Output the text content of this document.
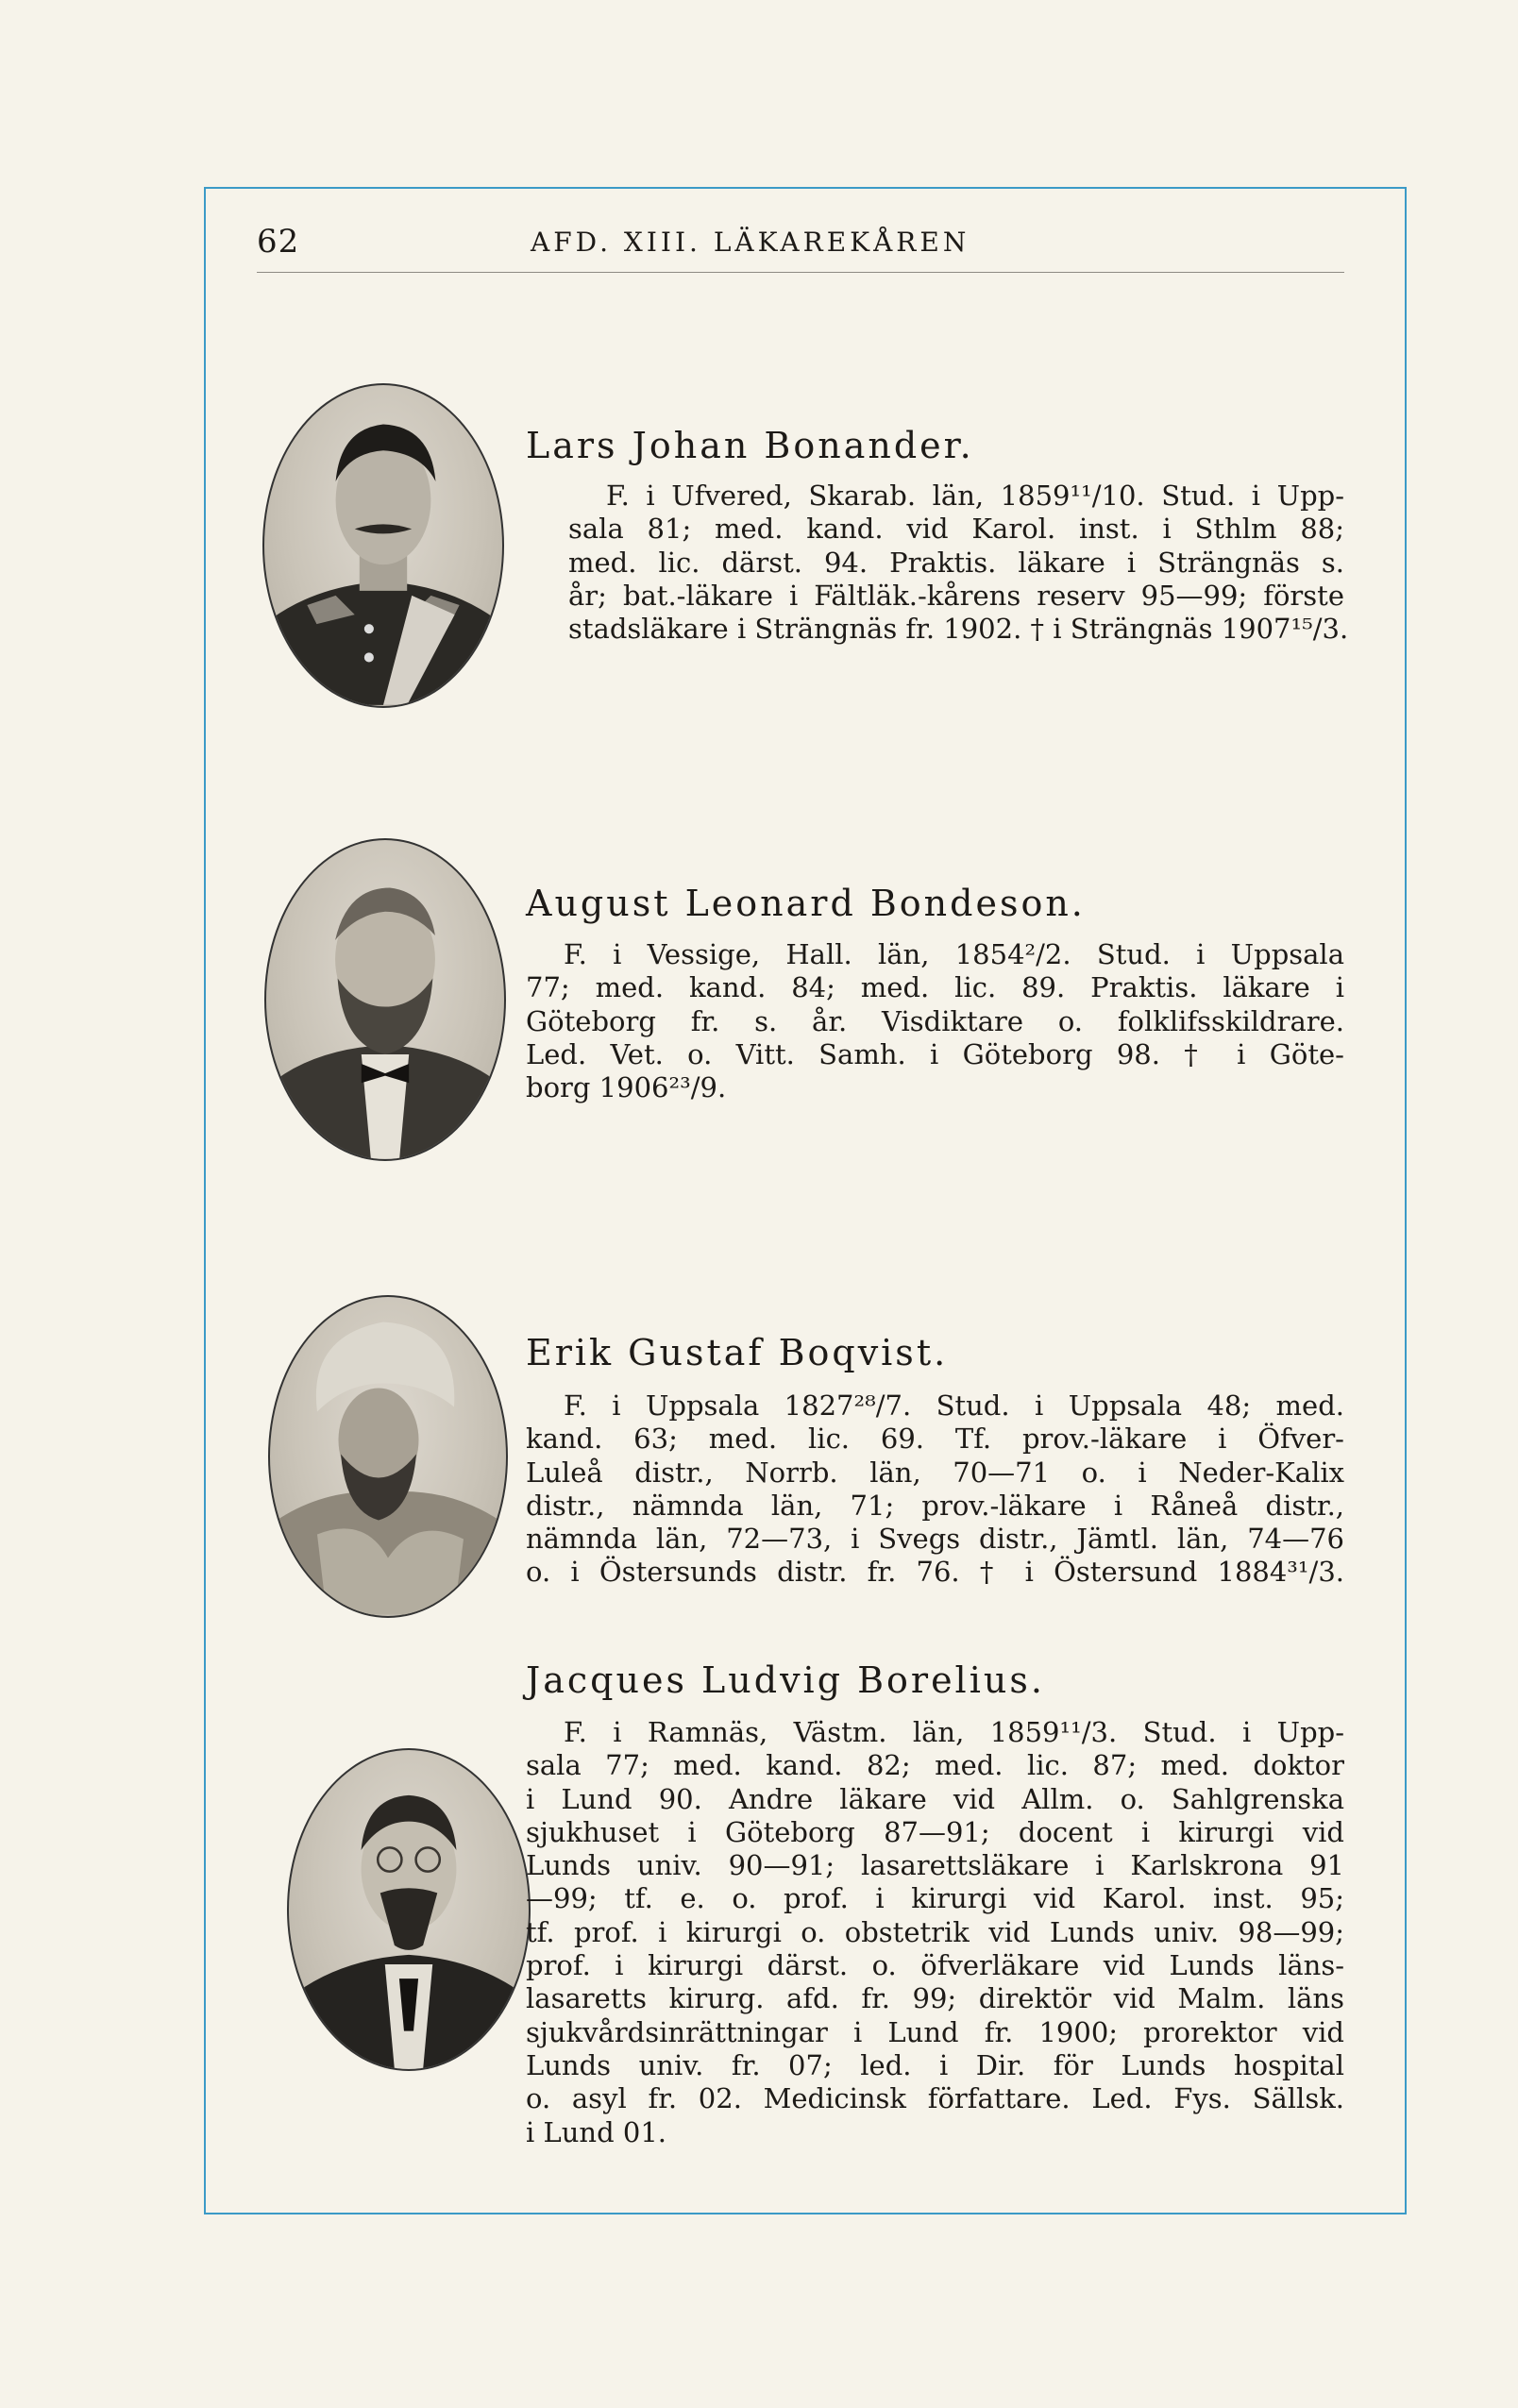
62	AFD. XIII. LÄKAREKÅREN
Lars Johan Bonander.
F. i Ufvered, Skarab. län, 1859¹¹/10. Stud. i Upp-
sala 81; med. kand. vid Karol. inst. i Sthlm 88;
med. lic. därst. 94. Praktis. läkare i Strängnäs s.
år; bat.-läkare i Fältläk.-kårens reserv 95—99; förste
stadsläkare i Strängnäs fr. 1902. † i Strängnäs 1907¹⁵/3.
August Leonard Bondeson.
F. i Vessige, Hall. län, 1854²/2. Stud. i Uppsala
77; med. kand. 84; med. lic. 89. Praktis. läkare i
Göteborg fr. s. år. Visdiktare o. folklifsskildrare.
Led. Vet. o. Vitt. Samh. i Göteborg 98. † i Göte-
borg 1906²³/9.
Erik Gustaf Boqvist.
F. i Uppsala 1827²⁸/7. Stud. i Uppsala 48; med.
kand. 63; med. lic. 69. Tf. prov.-läkare i Öfver-
Luleå distr., Norrb. län, 70—71 o. i Neder-Kalix
distr., nämnda län, 71; prov.-läkare i Råneå distr.,
nämnda län, 72—73, i Svegs distr., Jämtl. län, 74—76
o. i Östersunds distr. fr. 76. † i Östersund 1884³¹/3.
Jacques Ludvig Borelius.
F. i Ramnäs, Västm. län, 1859¹¹/3. Stud. i Upp-
sala 77; med. kand. 82; med. lic. 87; med. doktor
i Lund 90. Andre läkare vid Allm. o. Sahlgrenska
sjukhuset i Göteborg 87—91; docent i kirurgi vid
Lunds univ. 90—91; lasarettsläkare i Karlskrona 91
—99; tf. e. o. prof. i kirurgi vid Karol. inst. 95;
tf. prof. i kirurgi o. obstetrik vid Lunds univ. 98—99;
prof. i kirurgi därst. o. öfverläkare vid Lunds läns-
lasaretts kirurg. afd. fr. 99; direktör vid Malm. läns
sjukvårdsinrättningar i Lund fr. 1900; prorektor vid
Lunds univ. fr. 07; led. i Dir. för Lunds hospital
o. asyl fr. 02. Medicinsk författare. Led. Fys. Sällsk.
i Lund 01.
